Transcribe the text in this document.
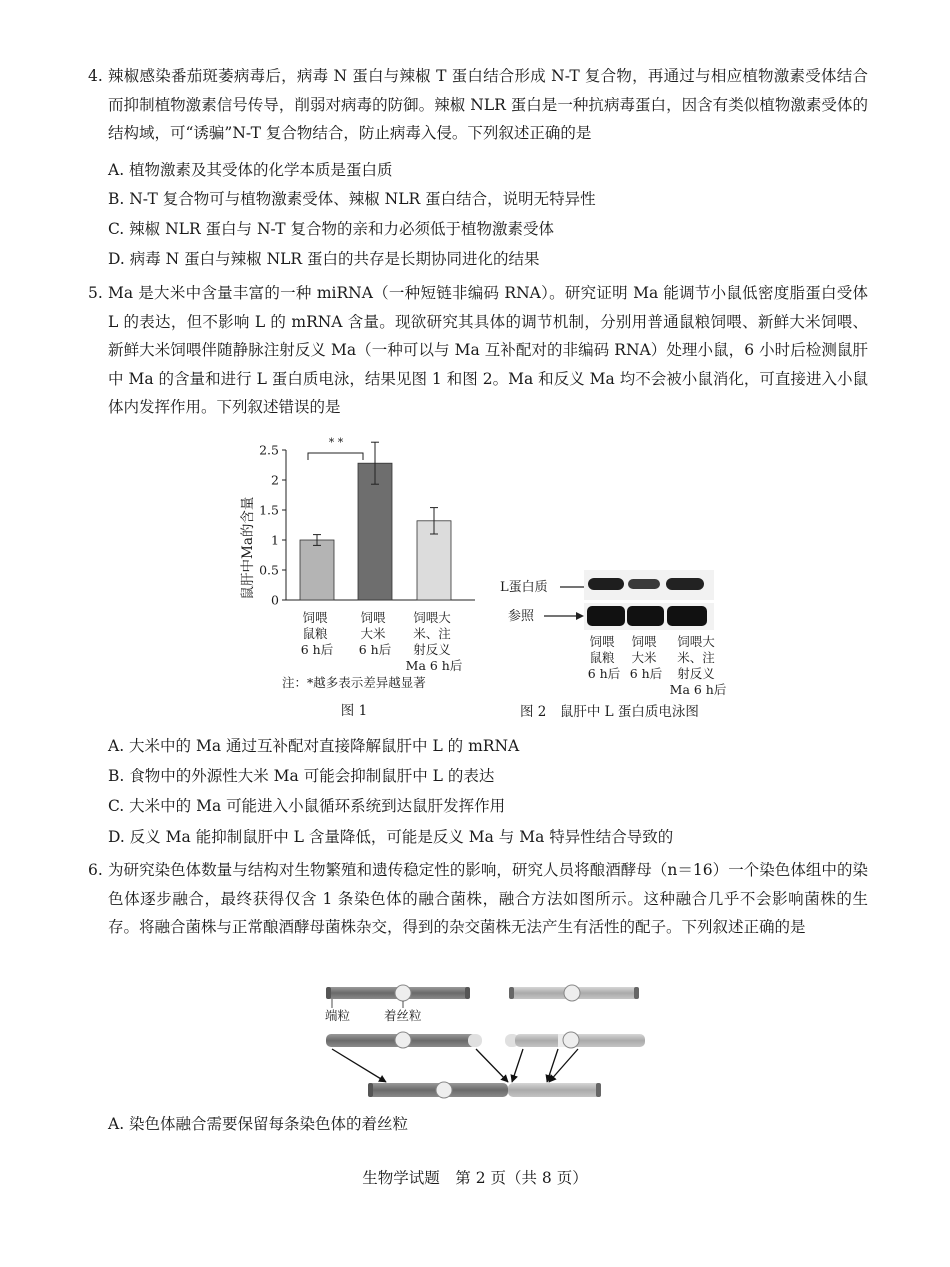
4. 辣椒感染番茄斑萎病毒后，病毒 N 蛋白与辣椒 T 蛋白结合形成 N-T 复合物，再通过与相应植物激素受体结合而抑制植物激素信号传导，削弱对病毒的防御。辣椒 NLR 蛋白是一种抗病毒蛋白，因含有类似植物激素受体的结构域，可“诱骗”N-T 复合物结合，防止病毒入侵。下列叙述正确的是
A. 植物激素及其受体的化学本质是蛋白质
B. N-T 复合物可与植物激素受体、辣椒 NLR 蛋白结合，说明无特异性
C. 辣椒 NLR 蛋白与 N-T 复合物的亲和力必须低于植物激素受体
D. 病毒 N 蛋白与辣椒 NLR 蛋白的共存是长期协同进化的结果
5. Ma 是大米中含量丰富的一种 miRNA（一种短链非编码 RNA）。研究证明 Ma 能调节小鼠低密度脂蛋白受体 L 的表达，但不影响 L 的 mRNA 含量。现欲研究其具体的调节机制，分别用普通鼠粮饲喂、新鲜大米饲喂、新鲜大米饲喂伴随静脉注射反义 Ma（一种可以与 Ma 互补配对的非编码 RNA）处理小鼠，6 小时后检测鼠肝中 Ma 的含量和进行 L 蛋白质电泳，结果见图 1 和图 2。Ma 和反义 Ma 均不会被小鼠消化，可直接进入小鼠体内发挥作用。下列叙述错误的是
鼠肝中Ma的含量
0
0.5
1
1.5
2
2.5	* *
饲喂 鼠粮 6 h后
饲喂 大米 6 h后
饲喂大 米、注 射反义 Ma 6 h后
注：*越多表示差异越显著
图 1
L蛋白质
参照
饲喂 鼠粮 6 h后
饲喂 大米 6 h后
饲喂大 米、注 射反义 Ma 6 h后
图 2　鼠肝中 L 蛋白质电泳图
A. 大米中的 Ma 通过互补配对直接降解鼠肝中 L 的 mRNA
B. 食物中的外源性大米 Ma 可能会抑制鼠肝中 L 的表达
C. 大米中的 Ma 可能进入小鼠循环系统到达鼠肝发挥作用
D. 反义 Ma 能抑制鼠肝中 L 含量降低，可能是反义 Ma 与 Ma 特异性结合导致的
6. 为研究染色体数量与结构对生物繁殖和遗传稳定性的影响，研究人员将酿酒酵母（n＝16）一个染色体组中的染色体逐步融合，最终获得仅含 1 条染色体的融合菌株，融合方法如图所示。这种融合几乎不会影响菌株的生存。将融合菌株与正常酿酒酵母菌株杂交，得到的杂交菌株无法产生有活性的配子。下列叙述正确的是
端粒	着丝粒
A. 染色体融合需要保留每条染色体的着丝粒
生物学试题　第 2 页（共 8 页）
